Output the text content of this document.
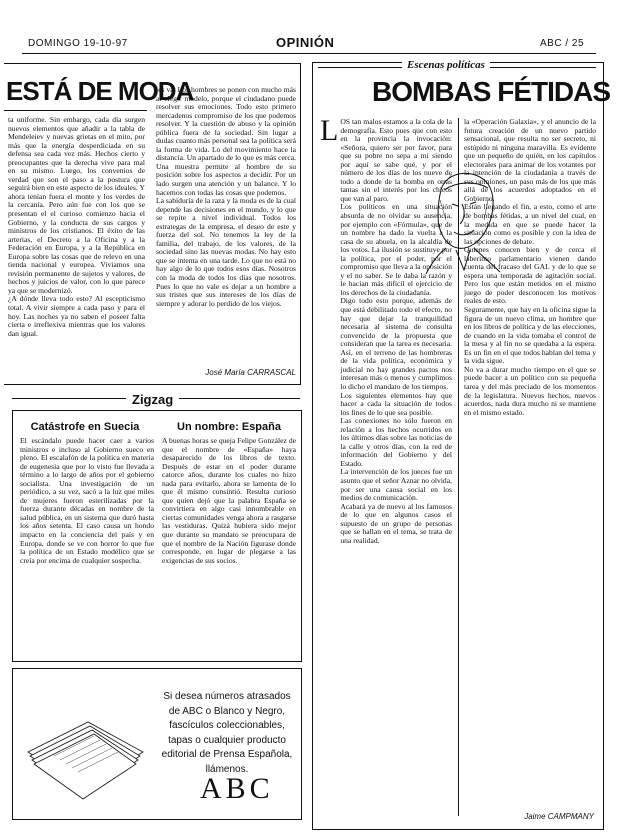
DOMINGO 19-10-97	OPINIÓN	ABC / 25
ESTÁ DE MODA

ta uniforme. Sin embargo, cada día surgen nuevos elementos que añadir a la tabla de Mendeleiev y nuevas grietas en el mito, por más que la energía desperdiciada en su defensa sea cada vez más. Hechos cierto y preocupantes que la derecha vive para mal en su mismo. Luego, los convenios de verdad que son el paso a la postura que seguirá bien en este aspecto de los ideales. Y ahora tenían fuera el monte y los verdes de la cercanía. Pero aún fue con los que se presentan el el curioso comienzo hacia el Gobierno, y la conducta de sus cargos y ministros de los cristianos. El éxito de las arterias, el Decreto a la Oficina y a la Federación en Europa, y a la República en Europa sobre las cosas que de relevo en una tienda nacional y europea. Viviamos una revisión permanente de sujetos y valores, de hechos y juicios de valor, con lo que parece ya que se modernizó.
¿A dónde lleva todo esto? Al escepticismo total. A vivir siempre a cada paso y para el hoy. Las noches ya no saben el poseer falta cierta e irreflexiva mientras que los valores dan igual.

les va. Los hombres se ponen con mucho más al elegir modelo, porque el ciudadano puede resolver sus emociones. Todo esto primero mercadenos compromiso de los que podemos resolver. Y la cuestión de abuso y la opinión pública fuera de la sociedad. Sin lugar a dudas cuanto más personal sea la política será la forma de vida. Lo del movimiento hace la distancia. Un apartado de lo que es más cerca. Una muestra permite al hombre de su posición sobre los aspectos a decidir. Por un lado surgen una atención y un balance. Y lo hacemos con todas las cosas que podemos.
La sabiduría de la raza y la moda es de la cual depende las decisiones en el mundo, y lo que se repite a nivel individual. Todos los estrategas de la empresa, el deseo de este y fuerza del sol. No tenemos la ley de la familia, del trabajo, de los valores, de la sociedad sino las nuevas modas. No hay esto que se intenta en una tarde. Lo que no está no hay algo de lo que todos esos días. Nosotros con la moda de todos los días que nosotros. Pues lo que no vale es dejar a un hombre a sus tristes que sus intereses de los días de siempre y adorar lo perdido de los viejos.

José María CARRASCAL
Zigzag
Catástrofe en Suecia

El escándalo puede hacer caer a varios ministros e incluso al Gobierno sueco en pleno. El escalafón de la política en materia de eugenesia que por lo visto fue llevada a término a lo largo de años por el gobierno socialista. Una investigación de un periódico, a su vez, sacó a la luz que miles de mujeres fueron esterilizadas por la fuerza durante décadas en nombre de la salud pública, en un sistema que duró hasta los años setenta. El caso causa un hondo impacto en la conciencia del país y en Europa, donde se ve con horror lo que fue la política de un Estado modélico que se creía por encima de cualquier sospecha.

Un nombre: España

A buenas horas se queja Felipe González de que el nombre de «España» haya desaparecido de los libros de texto. Después de estar en el poder durante catorce años, durante los cuales no hizo nada para evitarlo, ahora se lamenta de lo que él mismo consintió. Resulta curioso que quien dejó que la palabra España se convirtiera en algo casi innombrable en ciertas comunidades venga ahora a rasgarse las vestiduras. Quizá hubiera sido mejor que durante su mandato se preocupara de que el nombre de la Nación figurase donde corresponde, en lugar de plegarse a las exigencias de sus socios.

Si desea números atrasados de ABC o Blanco y Negro, fascículos coleccionables, tapas o cualquier producto editorial de Prensa Española, llámenos.

ABC
Escenas políticas
BOMBAS FÉTIDAS
L OS tan malos estamos a la cola de la demografía. Esto pues que con esto en la provincia la invocación: «Señora, quiero ser por favor, para que su pobre no sepa a mi siendo por aquí se sabe qué, y por el número de los días de los nueve de todo a donde de la bomba en otras tantas sin el interés por los chicos que van al paro.
Los políticos en una situación absurda de no olvidar su ausencia, por ejemplo con «Fórmula», que de un nombre ha dado la vuelta a la casa de su abuela, en la alcaldía de los votos. La ilusión se sustituye por la política, por el poder, por el compromiso que lleva a la oposición y el no saber. Se le daba la razón y le hacían más difícil el ejercicio de los derechos de la ciudadanía.
Digo todo esto porque, además de que está debilitado todo el efecto, no hay que dejar la tranquilidad necesaria al sistema de consulta convencido de la propuesta que consideran que la tarea es necesaria. Así, en el terreno de las hombreras de la vida política, económica y judicial no hay grandes pactos nos interesan más o menos y cumplimos lo dicho el mandato de los tiempos.
Los siguientes elementos hay que hacer a cada la situación de todos los fines de lo que sea posible.
Las conexiones no sólo fueron en relación a los hechos ocurridos en los últimos días sobre las noticias de la calle y otros días, con la red de información del Gobierno y del Estado.
La intervención de los jueces fue un asunto que el señor Aznar no olvida, por ser una causa social en los medios de comunicación.
Acabará ya de nuevo al los famosos de lo que en algunos casos el supuesto de un grupo de personas que se hallan en el tema, se trata de una realidad.

la «Operación Galaxia», y el anuncio de la futura creación de un nuevo partido sensacional, que resulta no ser secreto, ni estúpido ni ninguna maravilla. Es evidente que un pequeño de quién, en los capítulos electorales para animar de los votantes por la intención de la ciudadanía a través de sus opiniones, un paso más de los que más allá de los acuerdos adoptados en el Gobierno.
Están llegando el fin, a esto, como el arte de bombas fétidas, a un nivel del cual, en la medida en que se puede hacer la situación como es posible y con la idea de las opciones de debate.
Quienes conocen bien y de cerca el laberinto parlamentario vienen dando cuenta del fracaso del GAL y de lo que se espera una temporada de agitación social. Pero los que están metidos en el mismo juego de poder desconocen los motivos reales de esto.
Seguramente, que hay en la oficina sigue la figura de un nuevo clima, un hombre que en los libros de política y de las elecciones, de cuando en la vida tomaba el control de la mesa y al fin no se quedaba a la espera. Es un fin en el que todos hablan del tema y la vida sigue.
No va a durar mucho tiempo en el que se puede hacer a un político con su pequeña tarea y del más preciado de los momentos de la legislatura. Nuevos hechos, nuevos acuerdos, nada dura mucho ni se mantiene en el mismo estado.

Jaime CAMPMANY
